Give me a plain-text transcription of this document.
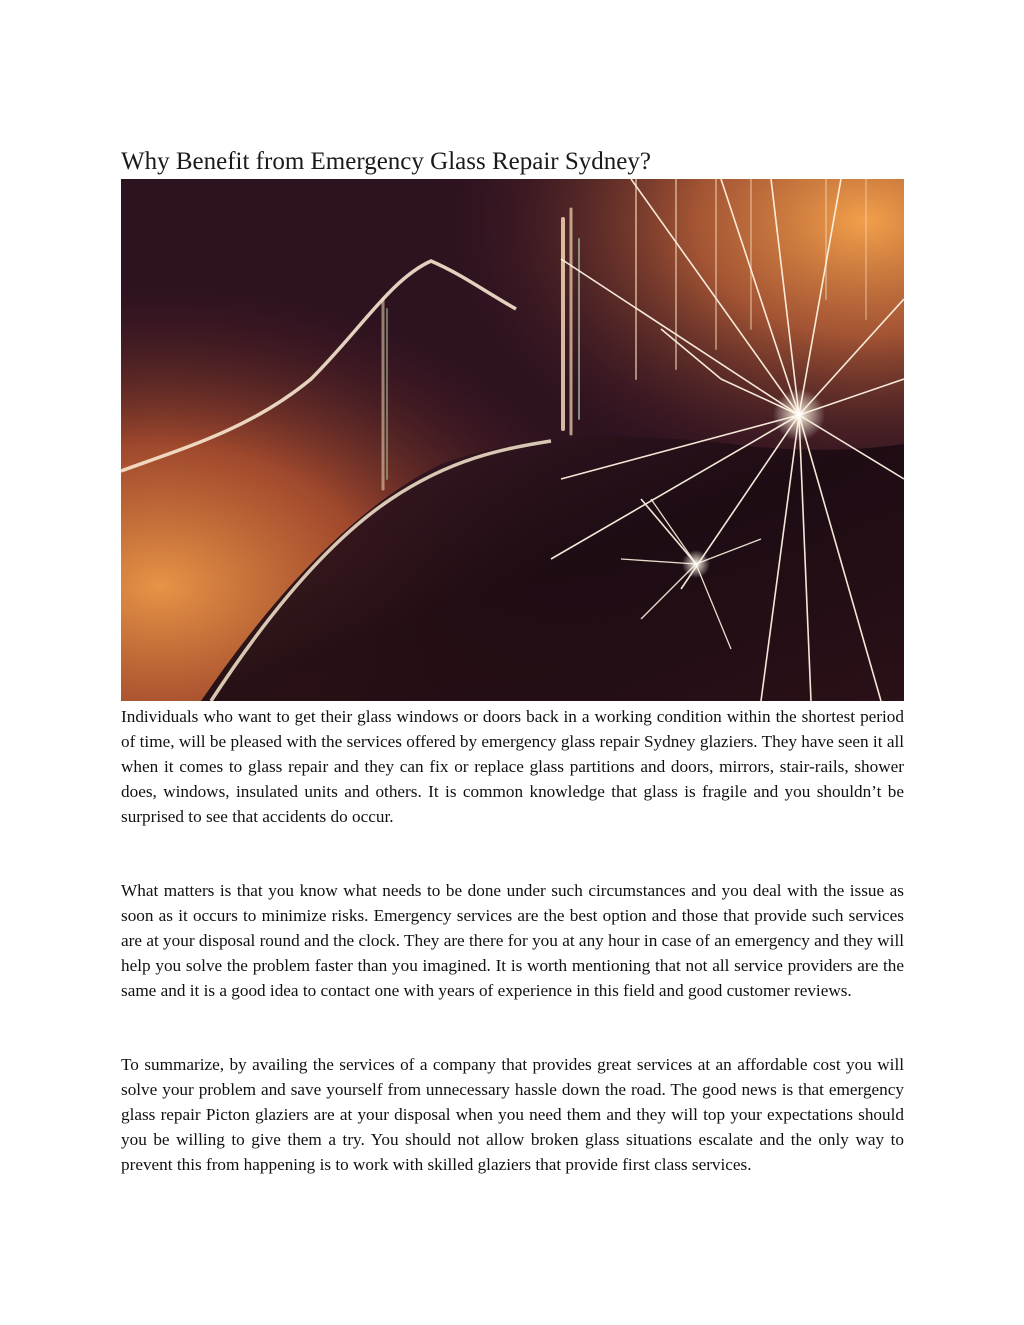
Why Benefit from Emergency Glass Repair Sydney?

Individuals who want to get their glass windows or doors back in a working condition within the shortest period of time, will be pleased with the services offered by emergency glass repair Sydney glaziers. They have seen it all when it comes to glass repair and they can fix or replace glass partitions and doors, mirrors, stair-rails, shower does, windows, insulated units and others. It is common knowledge that glass is fragile and you shouldn’t be surprised to see that accidents do occur.

What matters is that you know what needs to be done under such circumstances and you deal with the issue as soon as it occurs to minimize risks. Emergency services are the best option and those that provide such services are at your disposal round and the clock. They are there for you at any hour in case of an emergency and they will help you solve the problem faster than you imagined. It is worth mentioning that not all service providers are the same and it is a good idea to contact one with years of experience in this field and good customer reviews.

To summarize, by availing the services of a company that provides great services at an affordable cost you will solve your problem and save yourself from unnecessary hassle down the road. The good news is that emergency glass repair Picton glaziers are at your disposal when you need them and they will top your expectations should you be willing to give them a try. You should not allow broken glass situations escalate and the only way to prevent this from happening is to work with skilled glaziers that provide first class services.
